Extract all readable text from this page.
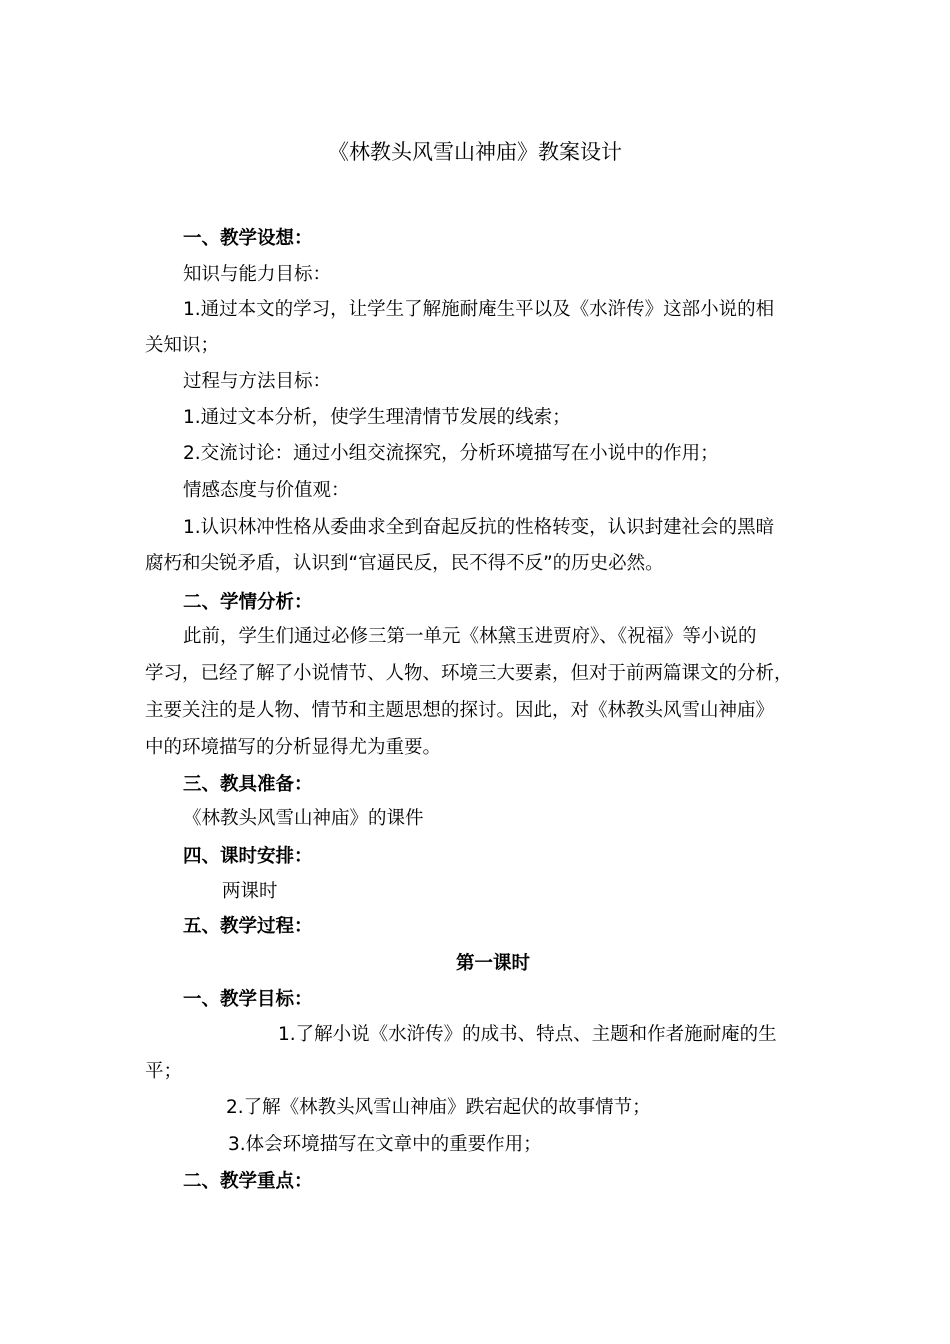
《林教头风雪山神庙》教案设计
一、教学设想：
知识与能力目标：
1.通过本文的学习，让学生了解施耐庵生平以及《水浒传》这部小说的相
关知识；
过程与方法目标：
1.通过文本分析，使学生理清情节发展的线索；
2.交流讨论：通过小组交流探究，分析环境描写在小说中的作用；
情感态度与价值观：
1.认识林冲性格从委曲求全到奋起反抗的性格转变，认识封建社会的黑暗
腐朽和尖锐矛盾，认识到“官逼民反，民不得不反”的历史必然。
二、学情分析：
此前，学生们通过必修三第一单元《林黛玉进贾府》、《祝福》等小说的
学习，已经了解了小说情节、人物、环境三大要素，但对于前两篇课文的分析，
主要关注的是人物、情节和主题思想的探讨。因此，对《林教头风雪山神庙》
中的环境描写的分析显得尤为重要。
三、教具准备：
《林教头风雪山神庙》的课件
四、课时安排：
两课时
五、教学过程：
第一课时
一、教学目标：
1.了解小说《水浒传》的成书、特点、主题和作者施耐庵的生
平；
2.了解《林教头风雪山神庙》跌宕起伏的故事情节；
3.体会环境描写在文章中的重要作用；
二、教学重点：
